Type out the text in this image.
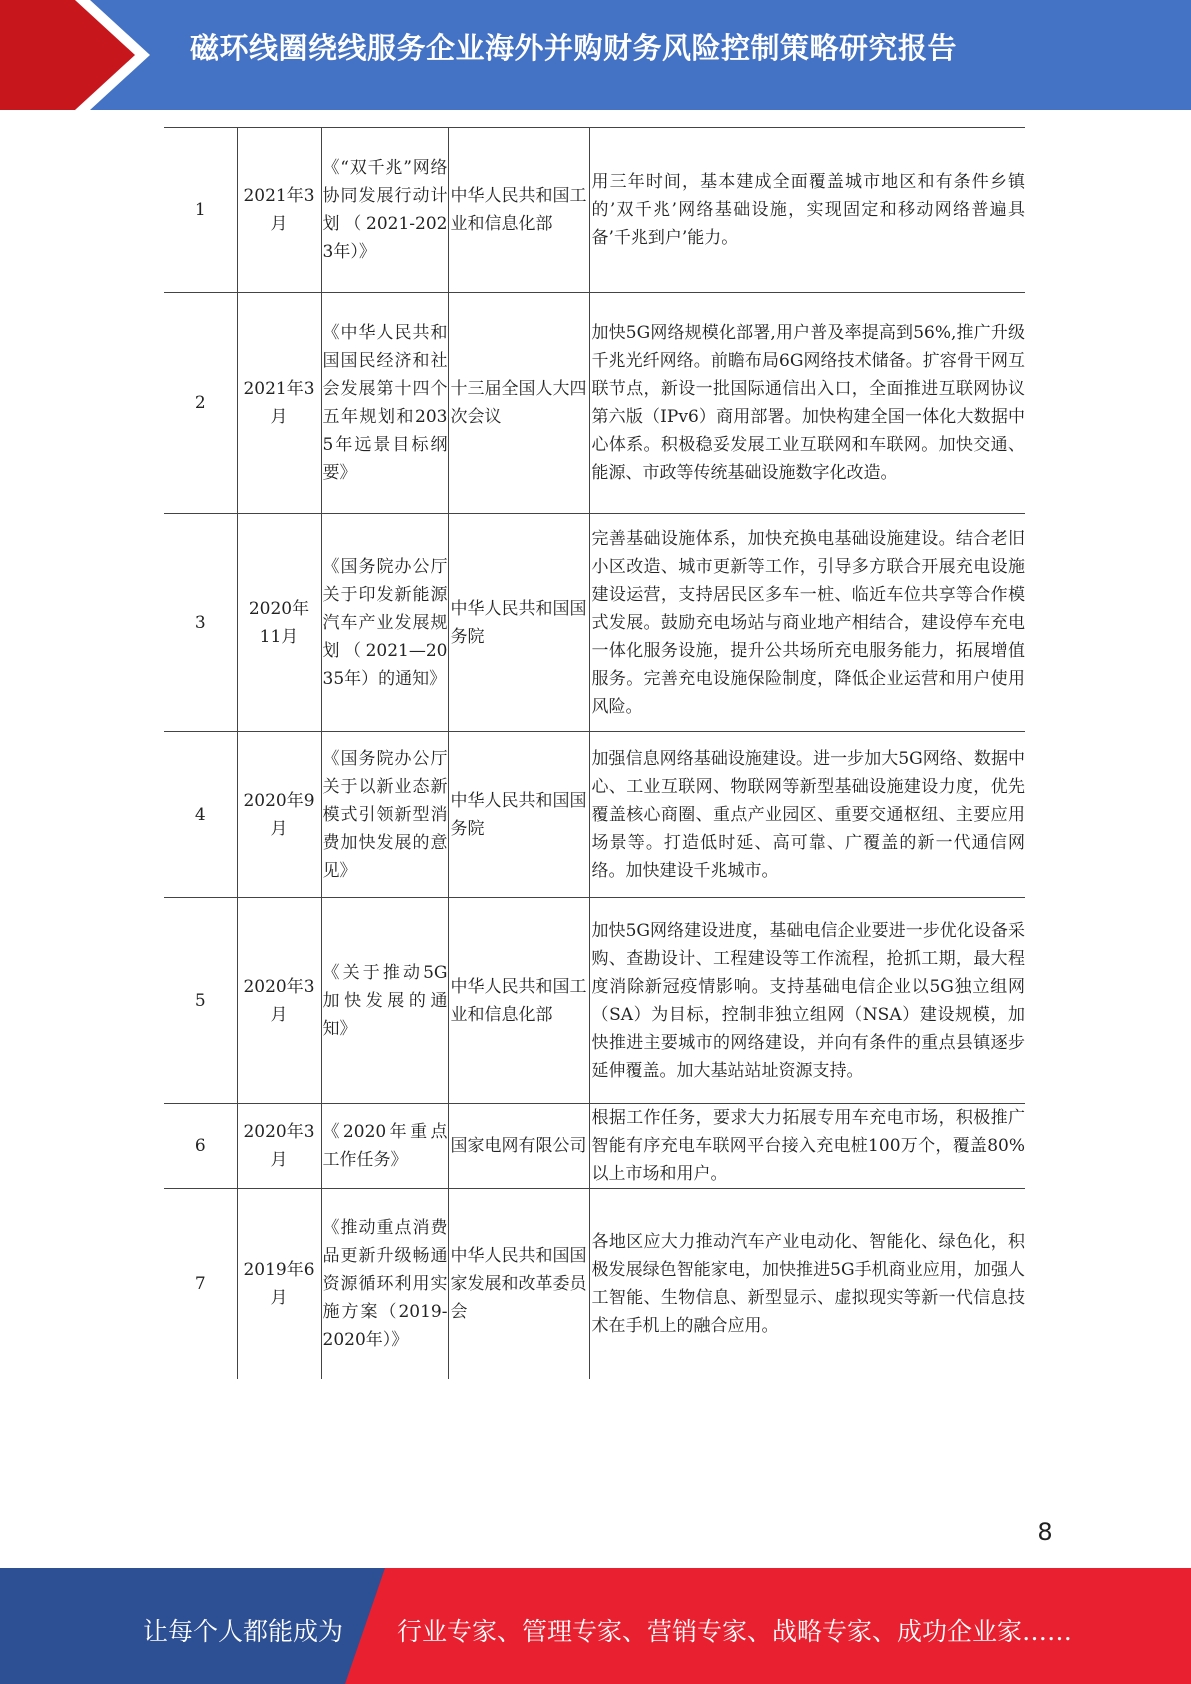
磁环线圈绕线服务企业海外并购财务风险控制策略研究报告
1	2021年3月	《“双千兆”网络协同发展行动计划（2021-2023年）》	中华人民共和国工业和信息化部	用三年时间，基本建成全面覆盖城市地区和有条件乡镇的’双千兆’网络基础设施，实现固定和移动网络普遍具备’千兆到户’能力。
2	2021年3月	《中华人民共和国国民经济和社会发展第十四个五年规划和2035年远景目标纲要》	十三届全国人大四次会议	加快5G网络规模化部署,用户普及率提高到56%,推广升级千兆光纤网络。前瞻布局6G网络技术储备。扩容骨干网互联节点，新设一批国际通信出入口，全面推进互联网协议第六版（IPv6）商用部署。加快构建全国一体化大数据中心体系。积极稳妥发展工业互联网和车联网。加快交通、能源、市政等传统基础设施数字化改造。
3	2020年11月	《国务院办公厅关于印发新能源汽车产业发展规划（2021—2035年）的通知》	中华人民共和国国务院	完善基础设施体系，加快充换电基础设施建设。结合老旧小区改造、城市更新等工作，引导多方联合开展充电设施建设运营，支持居民区多车一桩、临近车位共享等合作模式发展。鼓励充电场站与商业地产相结合，建设停车充电一体化服务设施，提升公共场所充电服务能力，拓展增值服务。完善充电设施保险制度，降低企业运营和用户使用风险。
4	2020年9月	《国务院办公厅关于以新业态新模式引领新型消费加快发展的意见》	中华人民共和国国务院	加强信息网络基础设施建设。进一步加大5G网络、数据中心、工业互联网、物联网等新型基础设施建设力度，优先覆盖核心商圈、重点产业园区、重要交通枢纽、主要应用场景等。打造低时延、高可靠、广覆盖的新一代通信网络。加快建设千兆城市。
5	2020年3月	《关于推动5G加快发展的通知》	中华人民共和国工业和信息化部	加快5G网络建设进度，基础电信企业要进一步优化设备采购、查勘设计、工程建设等工作流程，抢抓工期，最大程度消除新冠疫情影响。支持基础电信企业以5G独立组网（SA）为目标，控制非独立组网（NSA）建设规模，加快推进主要城市的网络建设，并向有条件的重点县镇逐步延伸覆盖。加大基站站址资源支持。
6	2020年3月	《2020年重点工作任务》	国家电网有限公司	根据工作任务，要求大力拓展专用车充电市场，积极推广智能有序充电车联网平台接入充电桩100万个，覆盖80%以上市场和用户。
7	2019年6月	《推动重点消费品更新升级畅通资源循环利用实施方案（2019-2020年）》	中华人民共和国国家发展和改革委员会	各地区应大力推动汽车产业电动化、智能化、绿色化，积极发展绿色智能家电，加快推进5G手机商业应用，加强人工智能、生物信息、新型显示、虚拟现实等新一代信息技术在手机上的融合应用。
8
让每个人都能成为 行业专家、管理专家、营销专家、战略专家、成功企业家……
